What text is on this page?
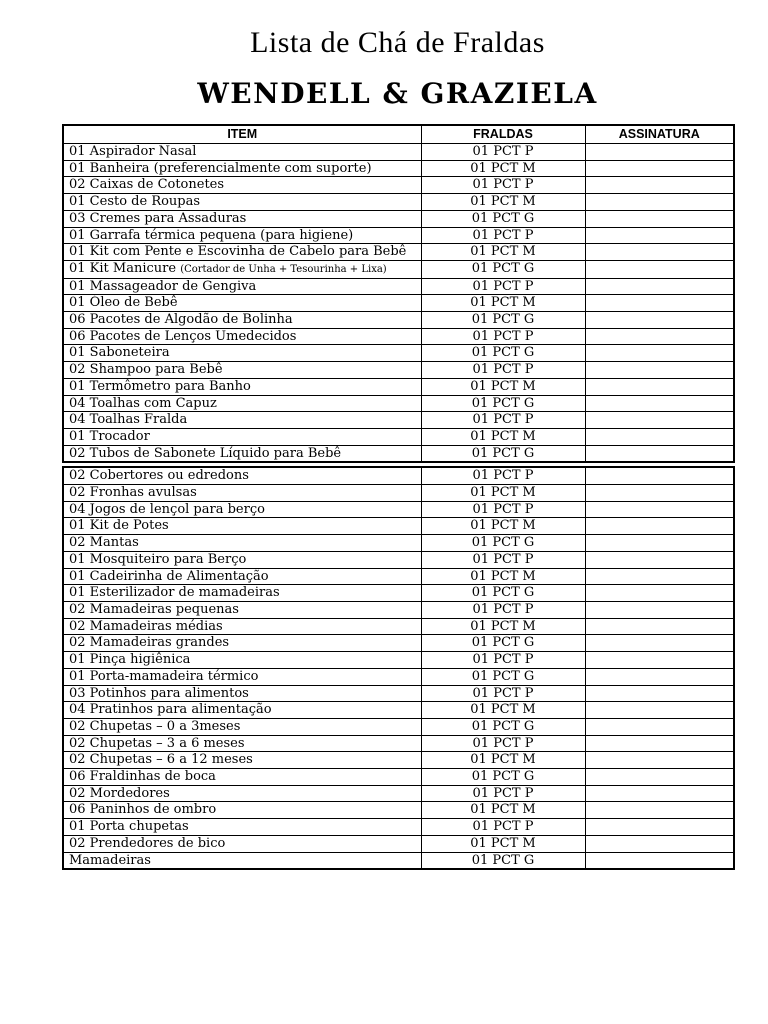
Lista de Chá de Fraldas
WENDELL & GRAZIELA
ITEM	FRALDAS	ASSINATURA
01 Aspirador Nasal	01 PCT P	
01 Banheira (preferencialmente com suporte)	01 PCT M	
02 Caixas de Cotonetes	01 PCT P	
01 Cesto de Roupas	01 PCT M	
03 Cremes para Assaduras	01 PCT G	
01 Garrafa térmica pequena (para higiene)	01 PCT P	
01 Kit com Pente e Escovinha de Cabelo para Bebê	01 PCT M	
01 Kit Manicure (Cortador de Unha + Tesourinha + Lixa)	01 PCT G	
01 Massageador de Gengiva	01 PCT P	
01 Óleo de Bebê	01 PCT M	
06 Pacotes de Algodão de Bolinha	01 PCT G	
06 Pacotes de Lenços Umedecidos	01 PCT P	
01 Saboneteira	01 PCT G	
02 Shampoo para Bebê	01 PCT P	
01 Termômetro para Banho	01 PCT M	
04 Toalhas com Capuz	01 PCT G	
04 Toalhas Fralda	01 PCT P	
01 Trocador	01 PCT M	
02 Tubos de Sabonete Líquido para Bebê	01 PCT G	
02 Cobertores ou edredons	01 PCT P	
02 Fronhas avulsas	01 PCT M	
04 Jogos de lençol para berço	01 PCT P	
01 Kit de Potes	01 PCT M	
02 Mantas	01 PCT G	
01 Mosquiteiro para Berço	01 PCT P	
01 Cadeirinha de Alimentação	01 PCT M	
01 Esterilizador de mamadeiras	01 PCT G	
02 Mamadeiras pequenas	01 PCT P	
02 Mamadeiras médias	01 PCT M	
02 Mamadeiras grandes	01 PCT G	
01 Pinça higiênica	01 PCT P	
01 Porta-mamadeira térmico	01 PCT G	
03 Potinhos para alimentos	01 PCT P	
04 Pratinhos para alimentação	01 PCT M	
02 Chupetas – 0 a 3meses	01 PCT G	
02 Chupetas – 3 a 6 meses	01 PCT P	
02 Chupetas – 6 a 12 meses	01 PCT M	
06 Fraldinhas de boca	01 PCT G	
02 Mordedores	01 PCT P	
06 Paninhos de ombro	01 PCT M	
01 Porta chupetas	01 PCT P	
02 Prendedores de bico	01 PCT M	
Mamadeiras	01 PCT G	
